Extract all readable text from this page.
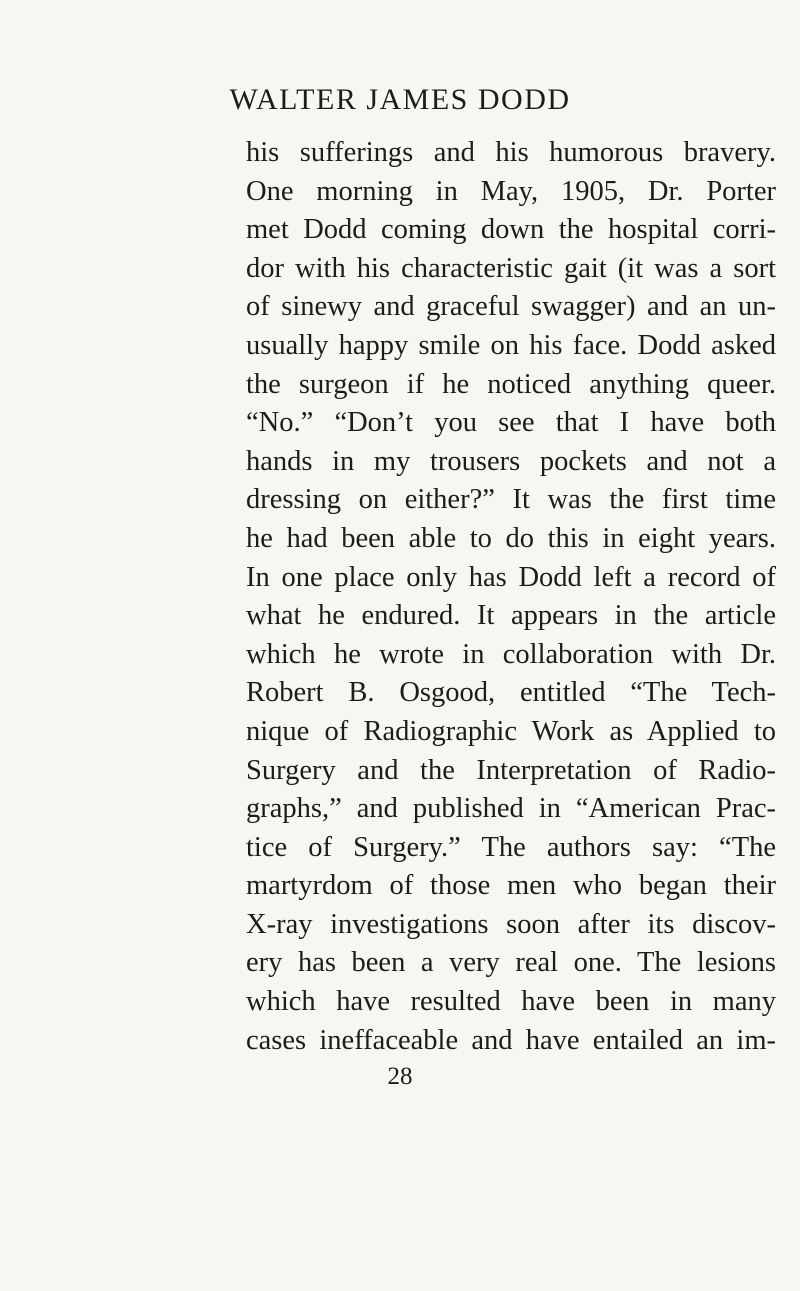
WALTER JAMES DODD
his sufferings and his humorous bravery.
One morning in May, 1905, Dr. Porter
met Dodd coming down the hospital corri-
dor with his characteristic gait (it was a sort
of sinewy and graceful swagger) and an un-
usually happy smile on his face. Dodd asked
the surgeon if he noticed anything queer.
“No.” “Don’t you see that I have both
hands in my trousers pockets and not a
dressing on either?” It was the first time
he had been able to do this in eight years.
In one place only has Dodd left a record of
what he endured. It appears in the article
which he wrote in collaboration with Dr.
Robert B. Osgood, entitled “The Tech-
nique of Radiographic Work as Applied to
Surgery and the Interpretation of Radio-
graphs,” and published in “American Prac-
tice of Surgery.” The authors say: “The
martyrdom of those men who began their
X-ray investigations soon after its discov-
ery has been a very real one. The lesions
which have resulted have been in many
cases ineffaceable and have entailed an im-
28
